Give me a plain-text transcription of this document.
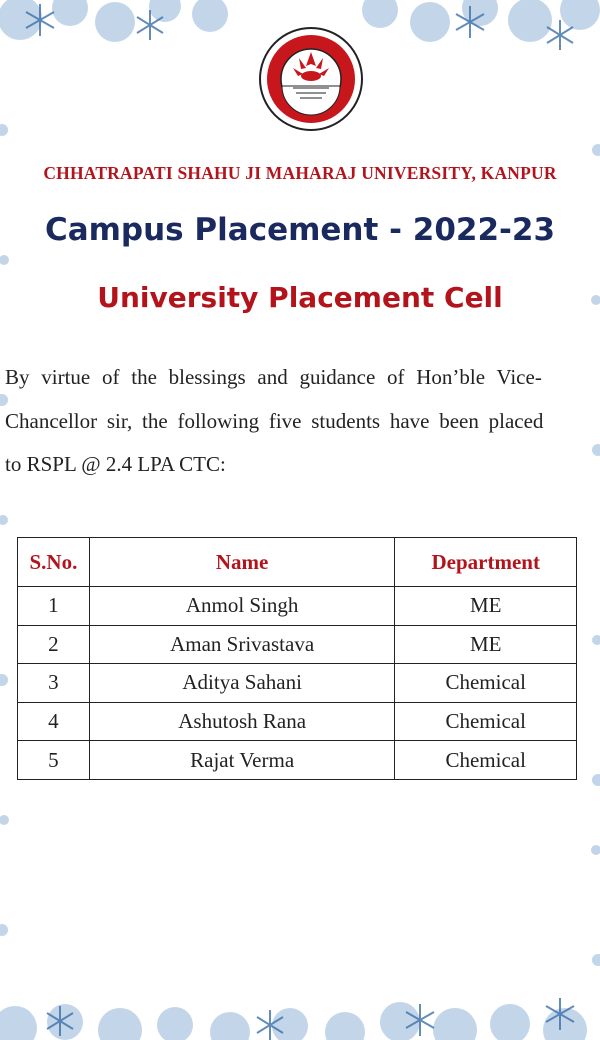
CHHATRAPATI SHAHU JI MAHARAJ UNIVERSITY, KANPUR
Campus Placement - 2022-23
University Placement Cell
By virtue of the blessings and guidance of Hon’ble Vice-
Chancellor sir, the following five students have been placed
to RSPL @ 2.4 LPA CTC:
S.No.	Name	Department
1	Anmol Singh	ME
2	Aman Srivastava	ME
3	Aditya Sahani	Chemical
4	Ashutosh Rana	Chemical
5	Rajat Verma	Chemical
